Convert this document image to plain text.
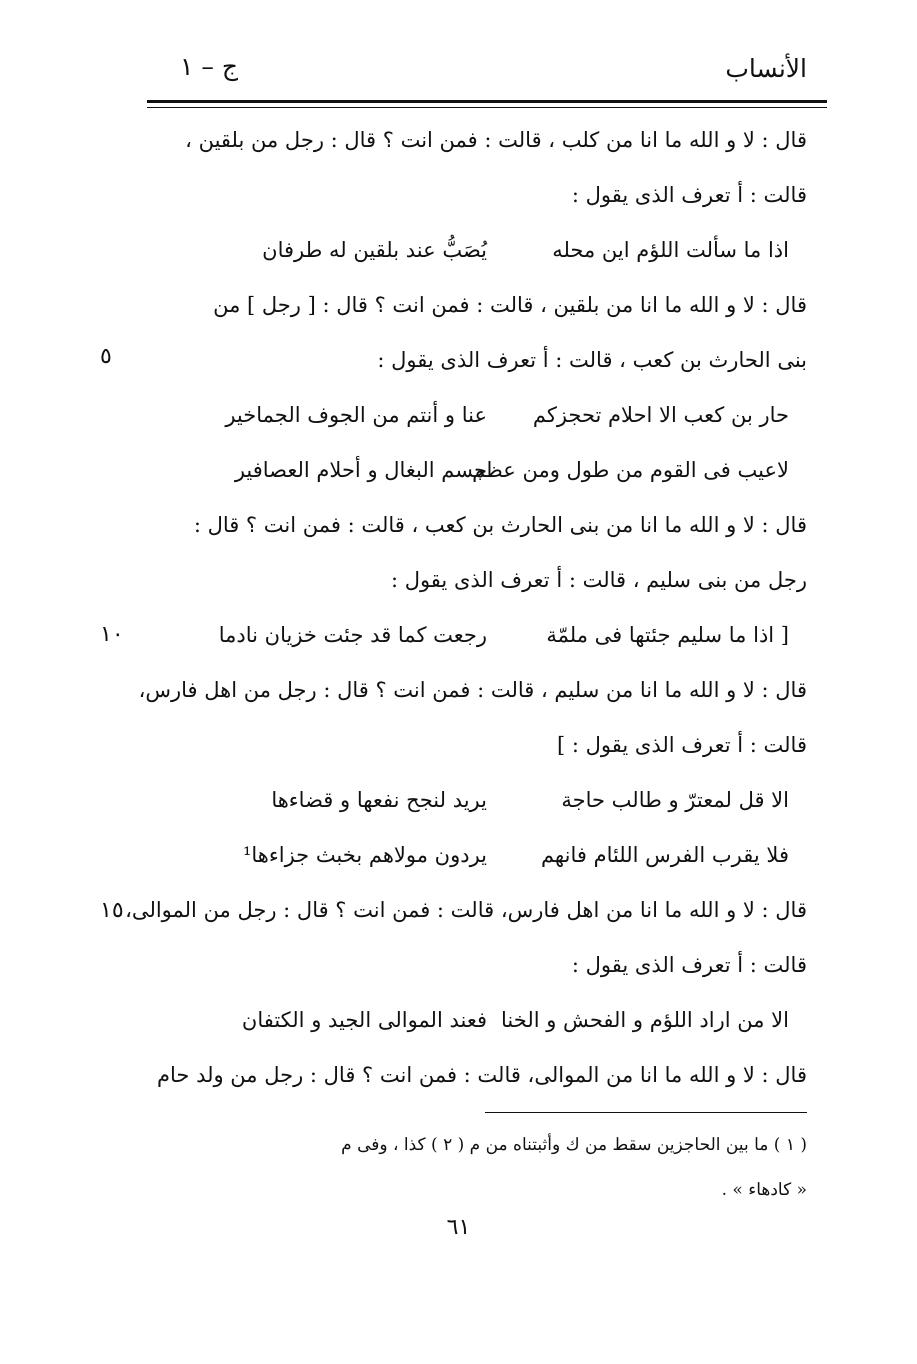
الأنساب
ج – ١
قال : لا و الله ما انا من كلب ، قالت : فمن انت ؟ قال : رجل من بلقين ،
قالت : أ تعرف الذى يقول :
اذا ما سألت اللؤم اين محله
يُصَبُّ عند بلقين له طرفان
قال : لا و الله ما انا من بلقين ، قالت : فمن انت ؟ قال : [ رجل ] من
بنى الحارث بن كعب ، قالت : أ تعرف الذى يقول :
حار بن كعب الا احلام تحجزكم
عنا و أنتم من الجوف الجماخير
لاعيب فى القوم من طول ومن عظم
جسم البغال و أحلام العصافير
قال : لا و الله ما انا من بنى الحارث بن كعب ، قالت : فمن انت ؟ قال :
رجل من بنى سليم ، قالت : أ تعرف الذى يقول :
[ اذا ما سليم جئتها فى ملمّة
رجعت كما قد جئت خزيان نادما
قال : لا و الله ما انا من سليم ، قالت : فمن انت ؟ قال : رجل من اهل فارس،
قالت : أ تعرف الذى يقول : ]
الا قل لمعترّ و طالب حاجة
يريد لنجح نفعها و قضاءها
فلا يقرب الفرس اللئام فانهم
يردون مولاهم بخبث جزاءها¹
قال : لا و الله ما انا من اهل فارس، قالت : فمن انت ؟ قال : رجل من الموالى،
قالت : أ تعرف الذى يقول :
الا من اراد اللؤم و الفحش و الخنا
فعند الموالى الجيد و الكتفان
قال : لا و الله ما انا من الموالى، قالت : فمن انت ؟ قال : رجل من ولد حام
٥
١٠
١٥
( ١ ) ما بين الحاجزين سقط من ك وأثبتناه من م ( ٢ ) كذا ، وفى م
« كادهاء » .
٦١
